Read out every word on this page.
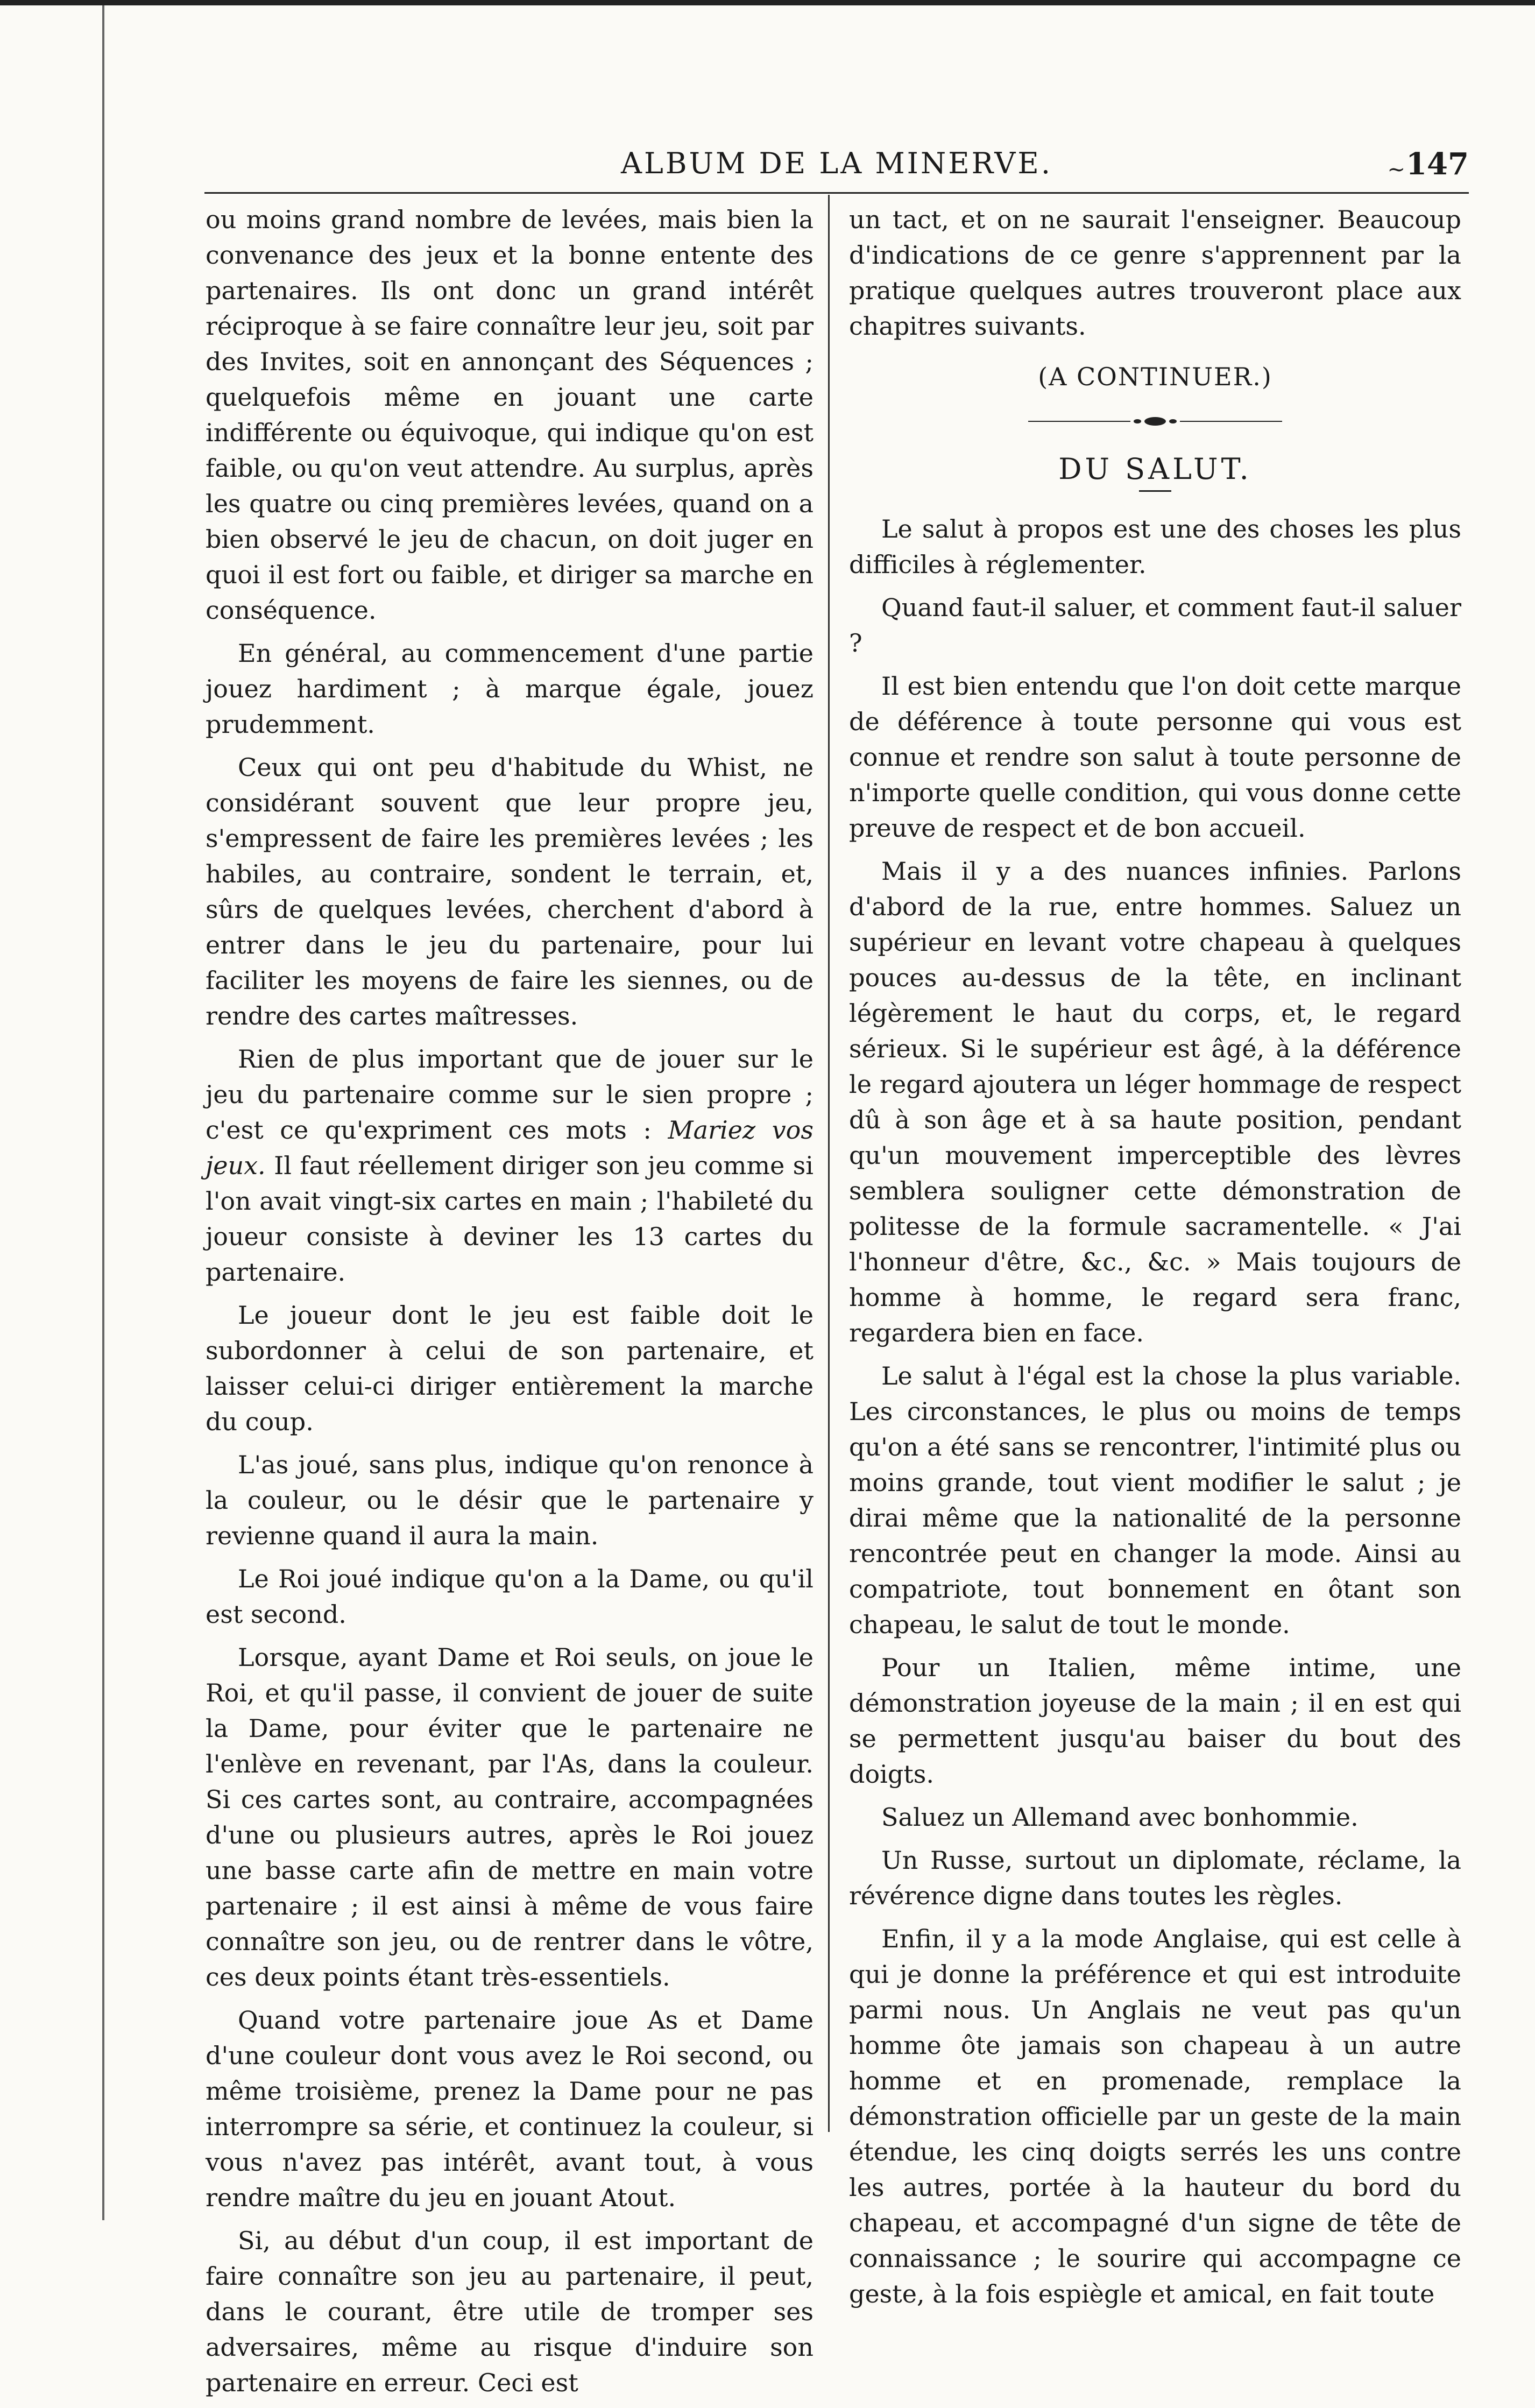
ALBUM DE LA MINERVE.	~ 147

ou moins grand nombre de levées, mais bien la convenance des jeux et la bonne entente des partenaires. Ils ont donc un grand intérêt réciproque à se faire connaître leur jeu, soit par des Invites, soit en annonçant des Séquences ; quelquefois même en jouant une carte indifférente ou équivoque, qui indique qu'on est faible, ou qu'on veut attendre. Au surplus, après les quatre ou cinq premières levées, quand on a bien observé le jeu de chacun, on doit juger en quoi il est fort ou faible, et diriger sa marche en conséquence.

En général, au commencement d'une partie jouez hardiment ; à marque égale, jouez prudemment.

Ceux qui ont peu d'habitude du Whist, ne considérant souvent que leur propre jeu, s'empressent de faire les premières levées ; les habiles, au contraire, sondent le terrain, et, sûrs de quelques levées, cherchent d'abord à entrer dans le jeu du partenaire, pour lui faciliter les moyens de faire les siennes, ou de rendre des cartes maîtresses.

Rien de plus important que de jouer sur le jeu du partenaire comme sur le sien propre ; c'est ce qu'expriment ces mots : Mariez vos jeux. Il faut réellement diriger son jeu comme si l'on avait vingt-six cartes en main ; l'habileté du joueur consiste à deviner les 13 cartes du partenaire.

Le joueur dont le jeu est faible doit le subordonner à celui de son partenaire, et laisser celui-ci diriger entièrement la marche du coup.

L'as joué, sans plus, indique qu'on renonce à la couleur, ou le désir que le partenaire y revienne quand il aura la main.

Le Roi joué indique qu'on a la Dame, ou qu'il est second.

Lorsque, ayant Dame et Roi seuls, on joue le Roi, et qu'il passe, il convient de jouer de suite la Dame, pour éviter que le partenaire ne l'enlève en revenant, par l'As, dans la couleur. Si ces cartes sont, au contraire, accompagnées d'une ou plusieurs autres, après le Roi jouez une basse carte afin de mettre en main votre partenaire ; il est ainsi à même de vous faire connaître son jeu, ou de rentrer dans le vôtre, ces deux points étant très-essentiels.

Quand votre partenaire joue As et Dame d'une couleur dont vous avez le Roi second, ou même troisième, prenez la Dame pour ne pas interrompre sa série, et continuez la couleur, si vous n'avez pas intérêt, avant tout, à vous rendre maître du jeu en jouant Atout.

Si, au début d'un coup, il est important de faire connaître son jeu au partenaire, il peut, dans le courant, être utile de tromper ses adversaires, même au risque d'induire son partenaire en erreur. Ceci est

un tact, et on ne saurait l'enseigner. Beaucoup d'indications de ce genre s'apprennent par la pratique quelques autres trouveront place aux chapitres suivants.

(A CONTINUER.)

DU SALUT.

Le salut à propos est une des choses les plus difficiles à réglementer.

Quand faut-il saluer, et comment faut-il saluer ?

Il est bien entendu que l'on doit cette marque de déférence à toute personne qui vous est connue et rendre son salut à toute personne de n'importe quelle condition, qui vous donne cette preuve de respect et de bon accueil.

Mais il y a des nuances infinies. Parlons d'abord de la rue, entre hommes. Saluez un supérieur en levant votre chapeau à quelques pouces au-dessus de la tête, en inclinant légèrement le haut du corps, et, le regard sérieux. Si le supérieur est âgé, à la déférence le regard ajoutera un léger hommage de respect dû à son âge et à sa haute position, pendant qu'un mouvement imperceptible des lèvres semblera souligner cette démonstration de politesse de la formule sacramentelle. « J'ai l'honneur d'être, &c., &c. » Mais toujours de homme à homme, le regard sera franc, regardera bien en face.

Le salut à l'égal est la chose la plus variable. Les circonstances, le plus ou moins de temps qu'on a été sans se rencontrer, l'intimité plus ou moins grande, tout vient modifier le salut ; je dirai même que la nationalité de la personne rencontrée peut en changer la mode. Ainsi au compatriote, tout bonnement en ôtant son chapeau, le salut de tout le monde.

Pour un Italien, même intime, une démonstration joyeuse de la main ; il en est qui se permettent jusqu'au baiser du bout des doigts.

Saluez un Allemand avec bonhommie.

Un Russe, surtout un diplomate, réclame, la révérence digne dans toutes les règles.

Enfin, il y a la mode Anglaise, qui est celle à qui je donne la préférence et qui est introduite parmi nous. Un Anglais ne veut pas qu'un homme ôte jamais son chapeau à un autre homme et en promenade, remplace la démonstration officielle par un geste de la main étendue, les cinq doigts serrés les uns contre les autres, portée à la hauteur du bord du chapeau, et accompagné d'un signe de tête de connaissance ; le sourire qui accompagne ce geste, à la fois espiègle et amical, en fait toute
